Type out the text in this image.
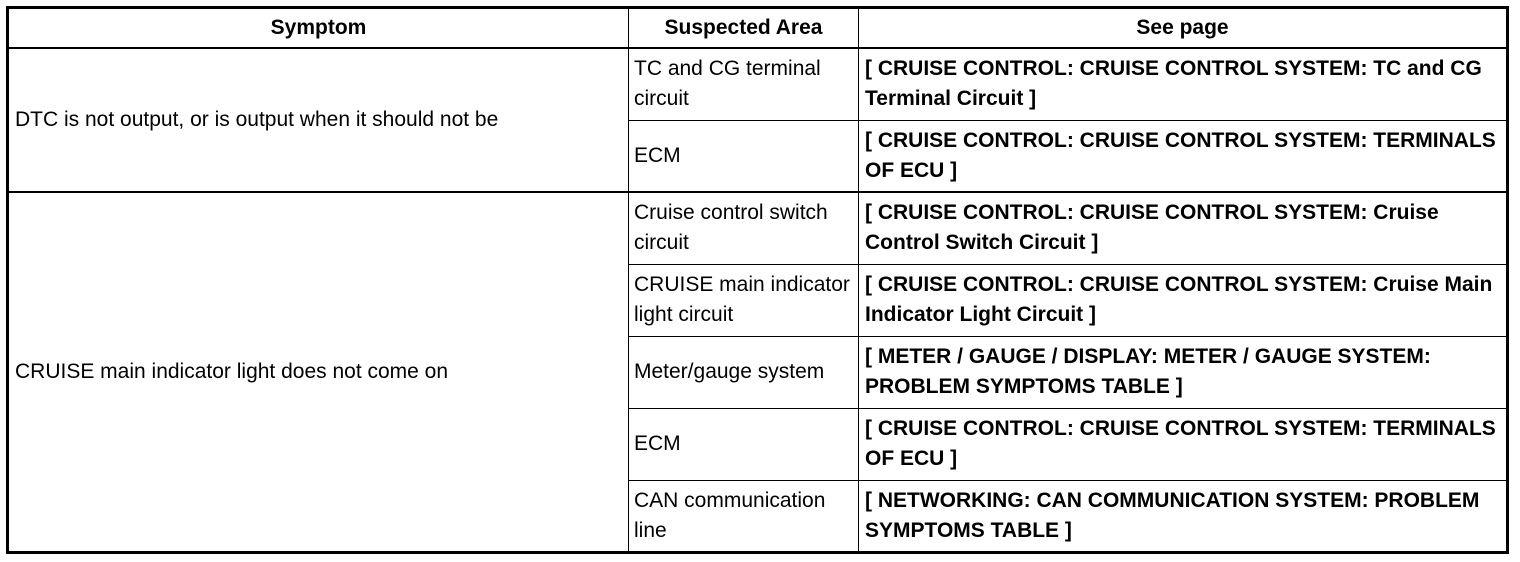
Symptom	Suspected Area	See page
DTC is not output, or is output when it should not be	TC and CG terminal circuit	[ CRUISE CONTROL: CRUISE CONTROL SYSTEM: TC and CG Terminal Circuit ]
	ECM	[ CRUISE CONTROL: CRUISE CONTROL SYSTEM: TERMINALS OF ECU ]
CRUISE main indicator light does not come on	Cruise control switch circuit	[ CRUISE CONTROL: CRUISE CONTROL SYSTEM: Cruise Control Switch Circuit ]
	CRUISE main indicator light circuit	[ CRUISE CONTROL: CRUISE CONTROL SYSTEM: Cruise Main Indicator Light Circuit ]
	Meter/gauge system	[ METER / GAUGE / DISPLAY: METER / GAUGE SYSTEM: PROBLEM SYMPTOMS TABLE ]
	ECM	[ CRUISE CONTROL: CRUISE CONTROL SYSTEM: TERMINALS OF ECU ]
	CAN communication line	[ NETWORKING: CAN COMMUNICATION SYSTEM: PROBLEM SYMPTOMS TABLE ]
